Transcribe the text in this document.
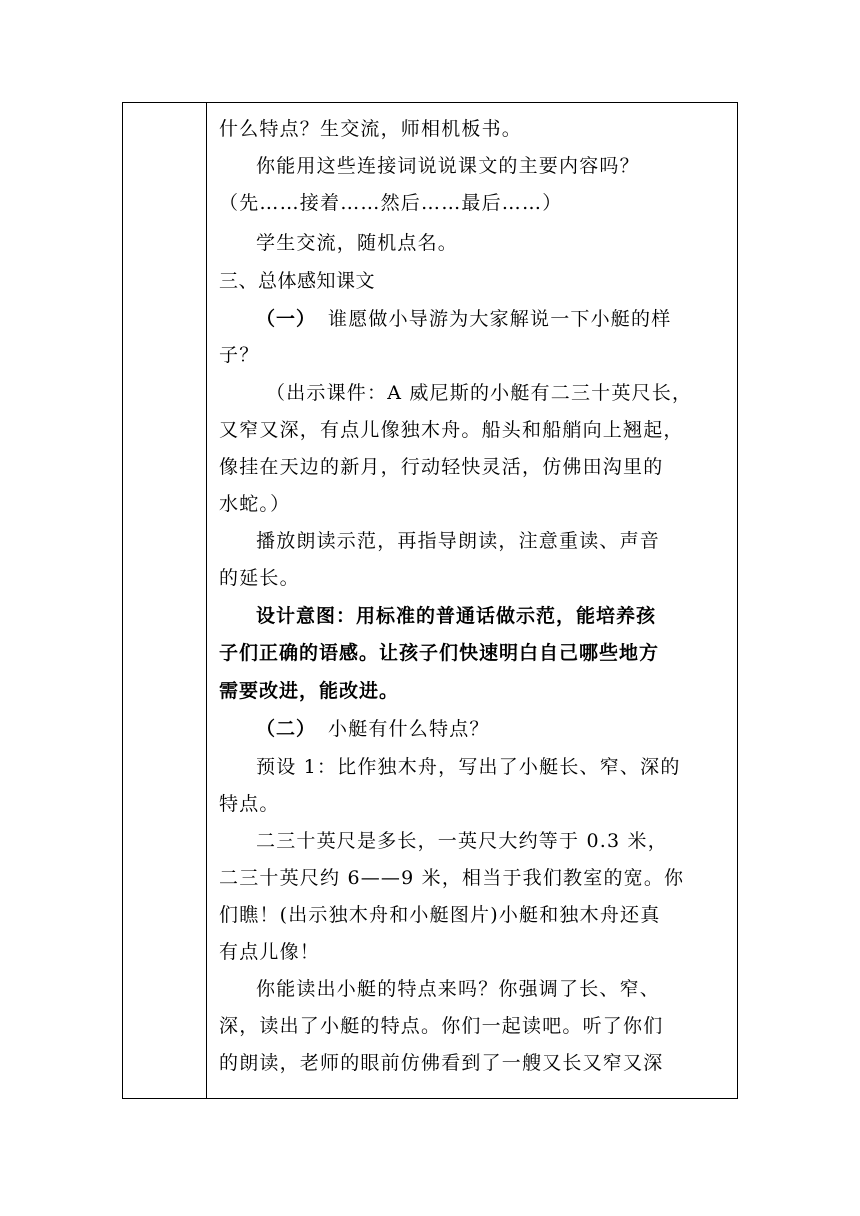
什么特点？生交流，师相机板书。
你能用这些连接词说说课文的主要内容吗？
（先……接着……然后……最后……）
学生交流，随机点名。
三、总体感知课文
（一） 谁愿做小导游为大家解说一下小艇的样
子？
（出示课件：A 威尼斯的小艇有二三十英尺长，
又窄又深，有点儿像独木舟。船头和船艄向上翘起，
像挂在天边的新月，行动轻快灵活，仿佛田沟里的
水蛇。）
播放朗读示范，再指导朗读，注意重读、声音
的延长。
设计意图：用标准的普通话做示范，能培养孩
子们正确的语感。让孩子们快速明白自己哪些地方
需要改进，能改进。
（二） 小艇有什么特点？
预设 1：比作独木舟，写出了小艇长、窄、深的
特点。
二三十英尺是多长，一英尺大约等于 0.3 米，
二三十英尺约 6——9 米，相当于我们教室的宽。你
们瞧！(出示独木舟和小艇图片)小艇和独木舟还真
有点儿像！
你能读出小艇的特点来吗？你强调了长、窄、
深，读出了小艇的特点。你们一起读吧。听了你们
的朗读，老师的眼前仿佛看到了一艘又长又窄又深
